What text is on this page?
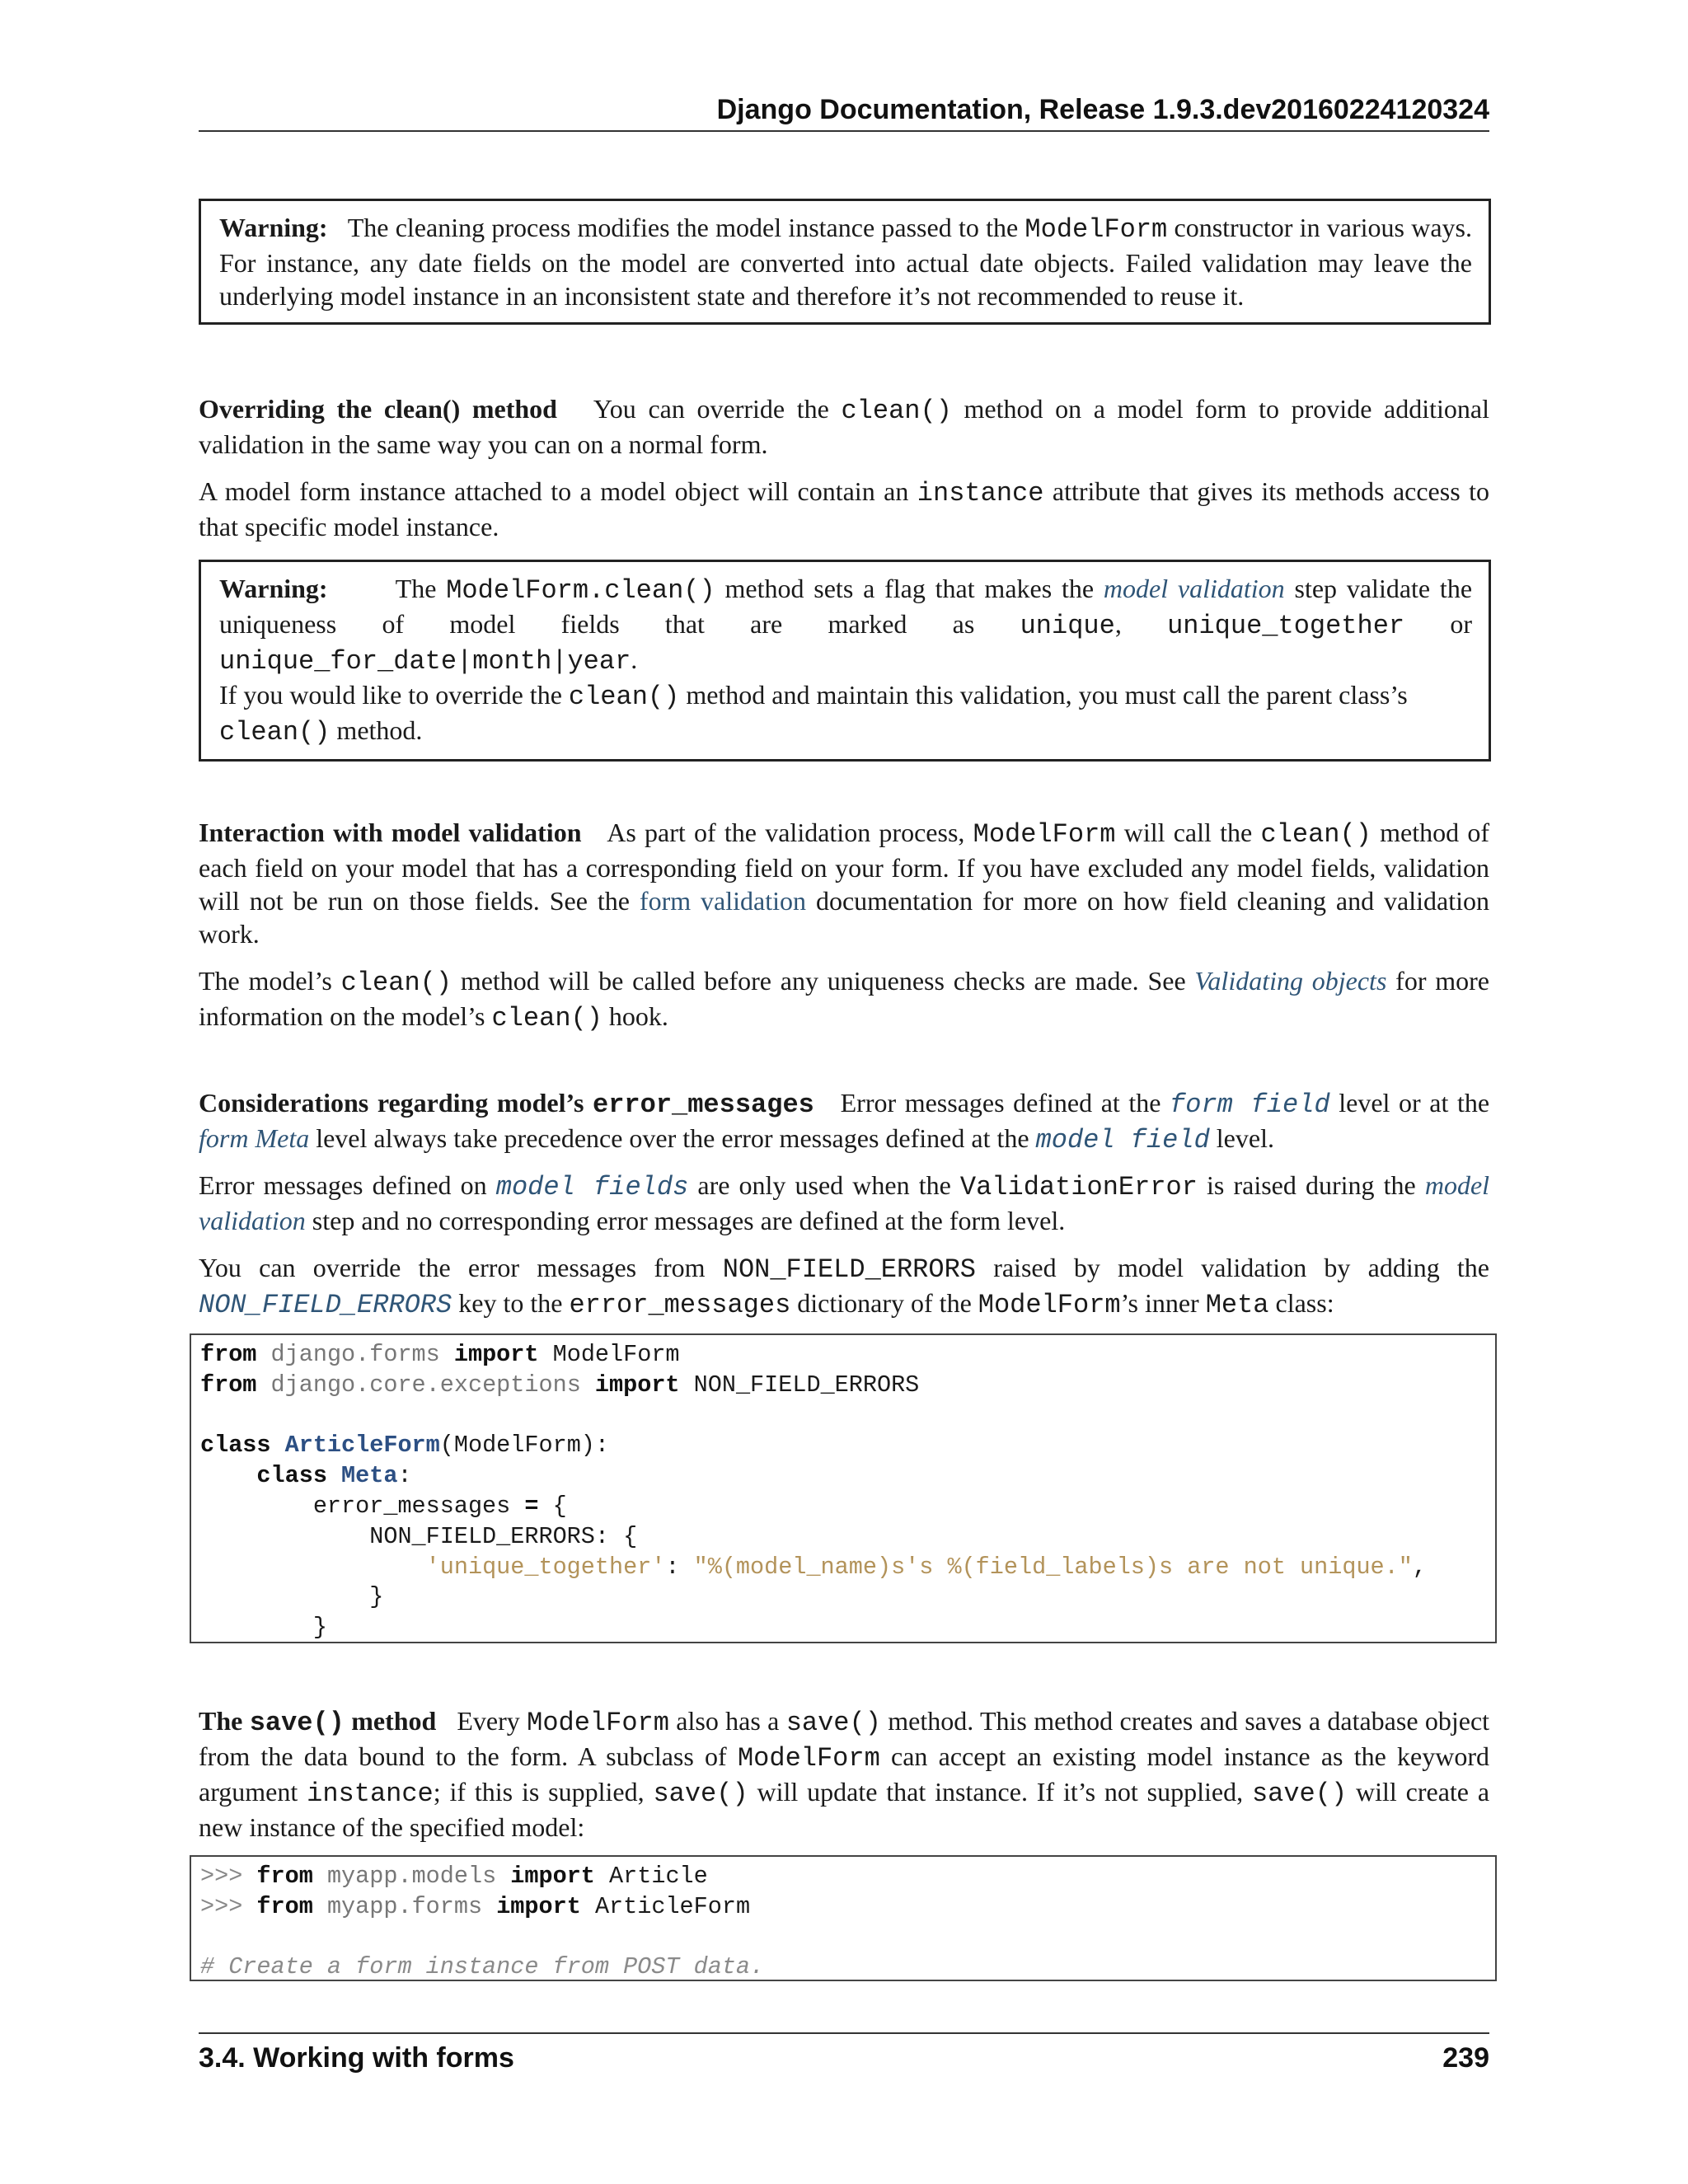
Django Documentation, Release 1.9.3.dev20160224120324
Warning: The cleaning process modifies the model instance passed to the ModelForm constructor in various ways. For instance, any date fields on the model are converted into actual date objects. Failed validation may leave the underlying model instance in an inconsistent state and therefore it’s not recommended to reuse it.

Overriding the clean() method You can override the clean() method on a model form to provide additional validation in the same way you can on a normal form.

A model form instance attached to a model object will contain an instance attribute that gives its methods access to that specific model instance.

Warning:	The ModelForm.clean() method sets a flag that makes the model validation step validate the uniqueness of model fields that are marked as unique, unique_together or unique_for_date|month|year.
If you would like to override the clean() method and maintain this validation, you must call the parent class’s clean() method.

Interaction with model validation As part of the validation process, ModelForm will call the clean() method of each field on your model that has a corresponding field on your form. If you have excluded any model fields, validation will not be run on those fields. See the form validation documentation for more on how field cleaning and validation work.

The model’s clean() method will be called before any uniqueness checks are made. See Validating objects for more information on the model’s clean() hook.

Considerations regarding model’s error_messages Error messages defined at the form field level or at the form Meta level always take precedence over the error messages defined at the model field level.

Error messages defined on model fields are only used when the ValidationError is raised during the model validation step and no corresponding error messages are defined at the form level.

You can override the error messages from NON_FIELD_ERRORS raised by model validation by adding the NON_FIELD_ERRORS key to the error_messages dictionary of the ModelForm’s inner Meta class:

from django.forms import ModelForm
from django.core.exceptions import NON_FIELD_ERRORS

class ArticleForm(ModelForm):
class Meta:
error_messages = {
NON_FIELD_ERRORS: {
'unique_together': "%(model_name)s's %(field_labels)s are not unique.",
}
}

The save() method Every ModelForm also has a save() method. This method creates and saves a database object from the data bound to the form. A subclass of ModelForm can accept an existing model instance as the keyword argument instance; if this is supplied, save() will update that instance. If it’s not supplied, save() will create a new instance of the specified model:

>>> from myapp.models import Article
>>> from myapp.forms import ArticleForm

# Create a form instance from POST data.
3.4. Working with forms	239
